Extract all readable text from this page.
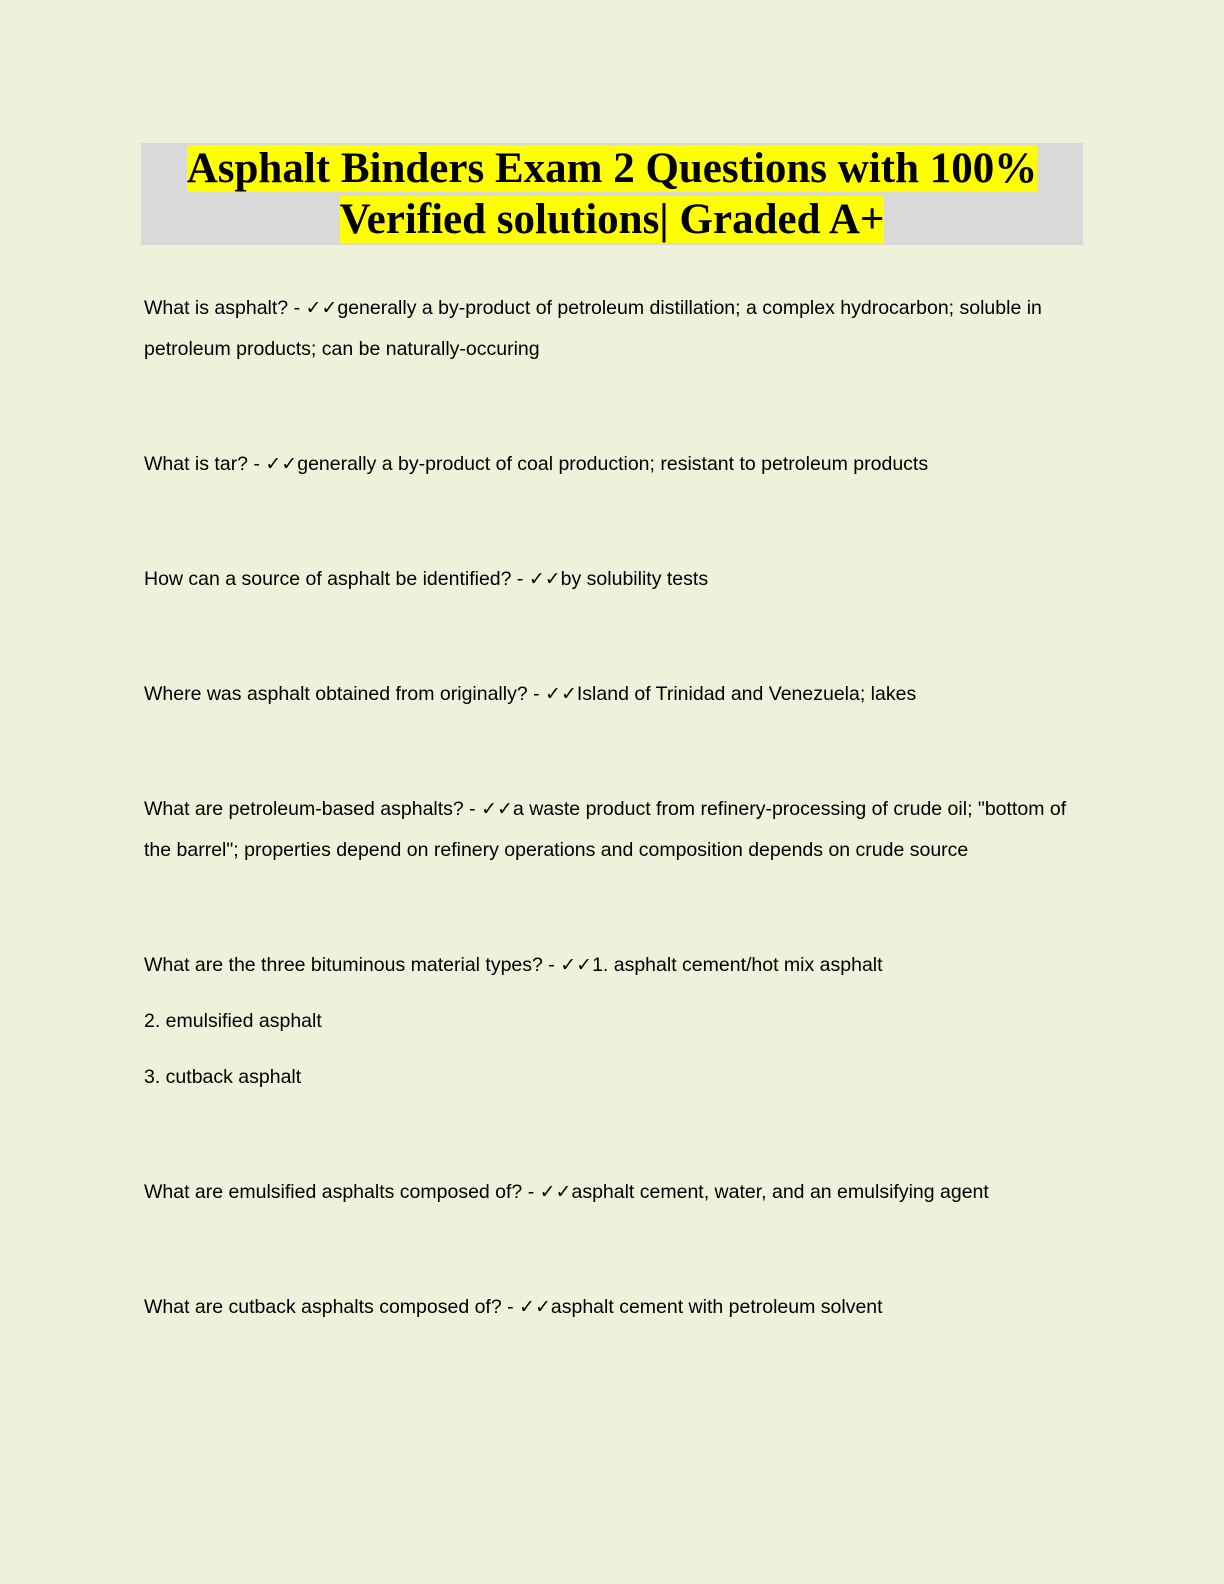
Asphalt Binders Exam 2 Questions with 100%
Verified solutions| Graded A+

What is asphalt? - ✓✓generally a by-product of petroleum distillation; a complex hydrocarbon; soluble in petroleum products; can be naturally-occuring

What is tar? - ✓✓generally a by-product of coal production; resistant to petroleum products

How can a source of asphalt be identified? - ✓✓by solubility tests

Where was asphalt obtained from originally? - ✓✓Island of Trinidad and Venezuela; lakes

What are petroleum-based asphalts? - ✓✓a waste product from refinery-processing of crude oil; "bottom of the barrel"; properties depend on refinery operations and composition depends on crude source

What are the three bituminous material types? - ✓✓1. asphalt cement/hot mix asphalt

2. emulsified asphalt

3. cutback asphalt

What are emulsified asphalts composed of? - ✓✓asphalt cement, water, and an emulsifying agent

What are cutback asphalts composed of? - ✓✓asphalt cement with petroleum solvent
